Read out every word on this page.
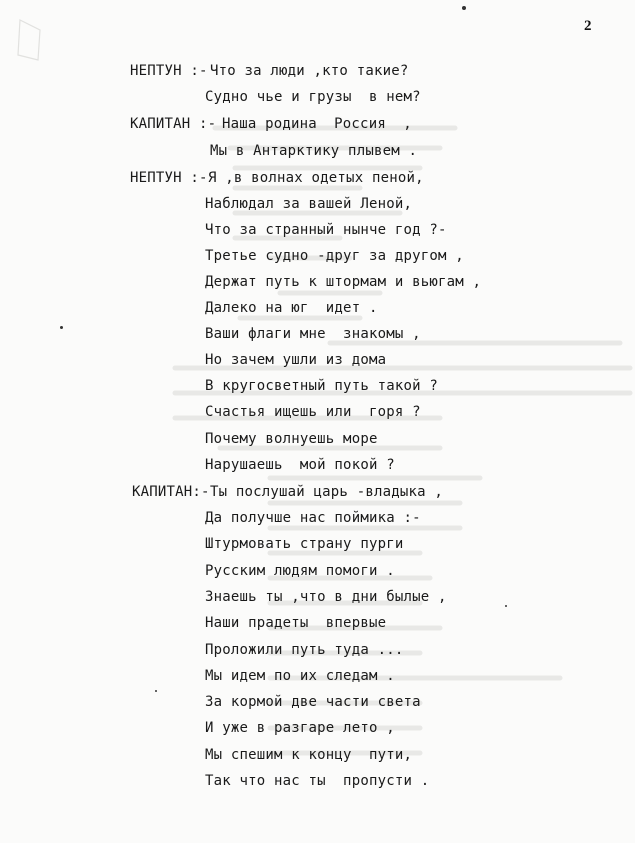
2
НЕПТУН :- Что за люди ,кто такие?
Судно чье и грузы  в нем?
КАПИТАН :- Наша родина  Россия  ,
Мы в Антарктику плывем .
НЕПТУН :- Я ,в волнах одетых пеной,
Наблюдал за вашей Леной,
Что за странный нынче год ?-
Третье судно -друг за другом ,
Держат путь к штормам и вьюгам ,
Далеко на юг  идет .
Ваши флаги мне  знакомы ,
Но зачем ушли из дома
В кругосветный путь такой ?
Счастья ищешь или  горя ?
Почему волнуешь море
Нарушаешь  мой покой ?
КАПИТАН:- Ты послушай царь -владыка ,
Да получше нас поймика :-
Штурмовать страну пурги
Русским людям помоги .
Знаешь ты ,что в дни былые ,
Наши прадеты  впервые
Проложили путь туда ...
Мы идем по их следам .
За кормой две части света
И уже в разгаре лето ,
Мы спешим к концу  пути,
Так что нас ты  пропусти .
